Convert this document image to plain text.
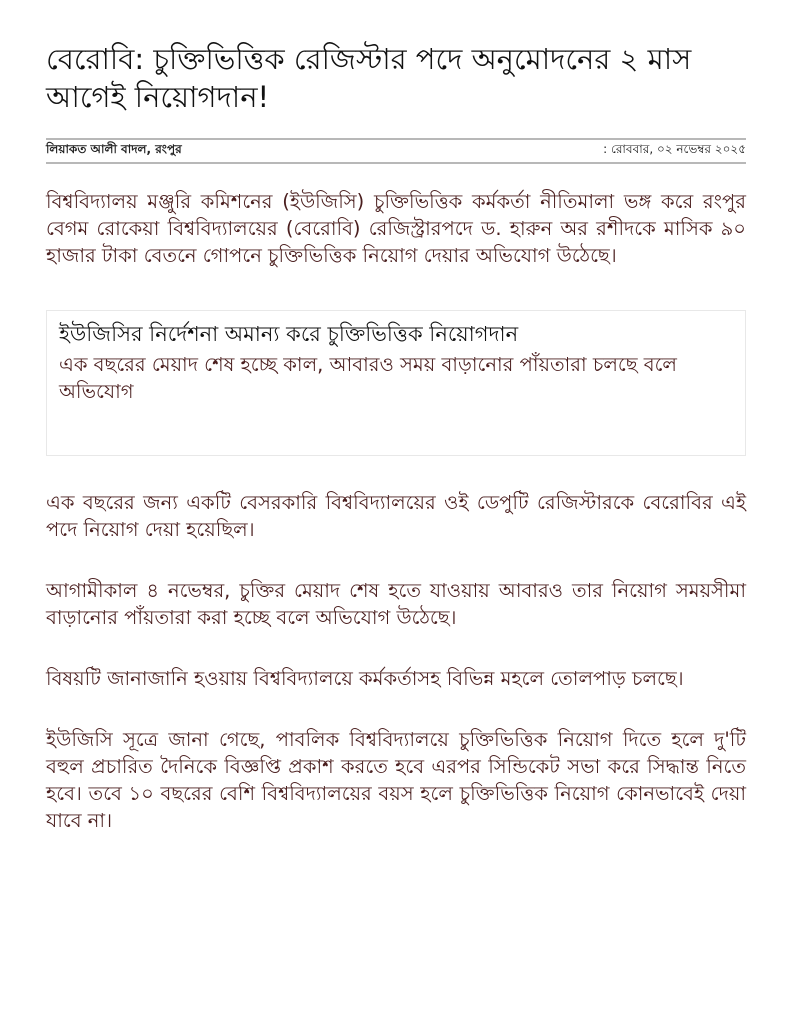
বেরোবি: চুক্তিভিত্তিক রেজিস্টার পদে অনুমোদনের ২ মাস আগেই নিয়োগদান!
লিয়াকত আলী বাদল, রংপুর	: রোববার, ০২ নভেম্বর ২০২৫

বিশ্ববিদ্যালয় মঞ্জুরি কমিশনের (ইউজিসি) চুক্তিভিত্তিক কর্মকর্তা নীতিমালা ভঙ্গ করে রংপুর বেগম রোকেয়া বিশ্ববিদ্যালয়ের (বেরোবি) রেজিস্ট্রারপদে ড. হারুন অর রশীদকে মাসিক ৯০ হাজার টাকা বেতনে গোপনে চুক্তিভিত্তিক নিয়োগ দেয়ার অভিযোগ উঠেছে।

ইউজিসির নির্দেশনা অমান্য করে চুক্তিভিত্তিক নিয়োগদান

এক বছরের মেয়াদ শেষ হচ্ছে কাল, আবারও সময় বাড়ানোর পাঁয়তারা চলছে বলে অভিযোগ

এক বছরের জন্য একটি বেসরকারি বিশ্ববিদ্যালয়ের ওই ডেপুটি রেজিস্টারকে বেরোবির এই পদে নিয়োগ দেয়া হয়েছিল।

আগামীকাল ৪ নভেম্বর, চুক্তির মেয়াদ শেষ হতে যাওয়ায় আবারও তার নিয়োগ সময়সীমা বাড়ানোর পাঁয়তারা করা হচ্ছে বলে অভিযোগ উঠেছে।

বিষয়টি জানাজানি হওয়ায় বিশ্ববিদ্যালয়ে কর্মকর্তাসহ বিভিন্ন মহলে তোলপাড় চলছে।

ইউজিসি সূত্রে জানা গেছে, পাবলিক বিশ্ববিদ্যালয়ে চুক্তিভিত্তিক নিয়োগ দিতে হলে দু'টি বহুল প্রচারিত দৈনিকে বিজ্ঞপ্তি প্রকাশ করতে হবে এরপর সিন্ডিকেট সভা করে সিদ্ধান্ত নিতে হবে। তবে ১০ বছরের বেশি বিশ্ববিদ্যালয়ের বয়স হলে চুক্তিভিত্তিক নিয়োগ কোনভাবেই দেয়া যাবে না।
